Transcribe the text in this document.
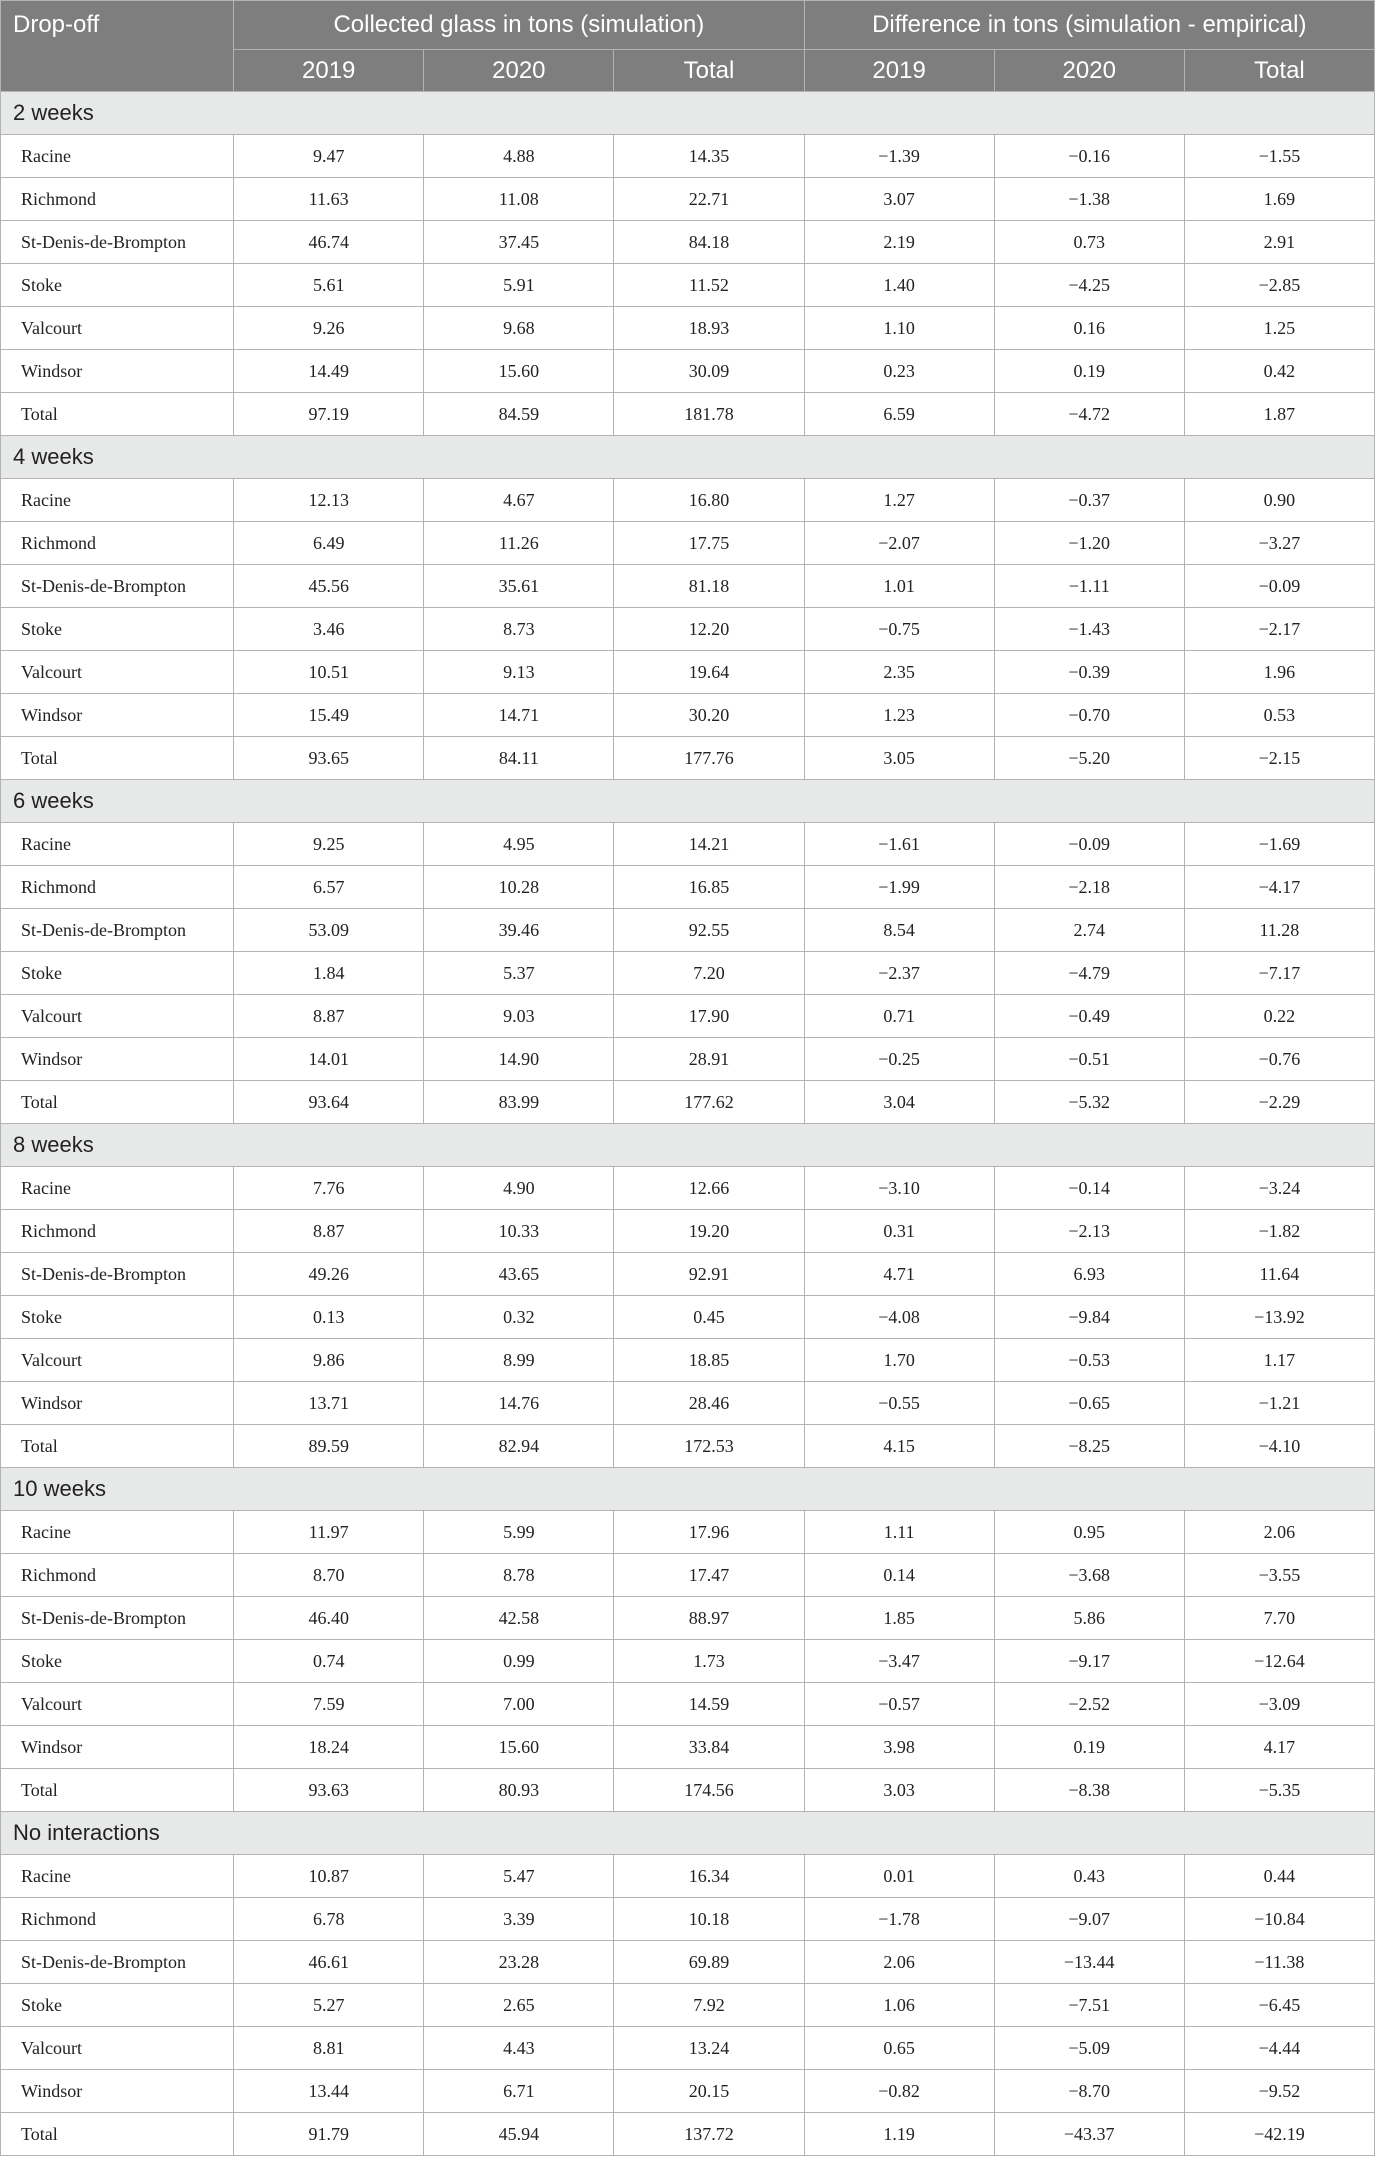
Drop-off	Collected glass in tons (simulation)			Difference in tons (simulation - empirical)		
	2019	2020	Total	2019	2020	Total
2 weeks						
Racine	9.47	4.88	14.35	−1.39	−0.16	−1.55
Richmond	11.63	11.08	22.71	3.07	−1.38	1.69
St-Denis-de-Brompton	46.74	37.45	84.18	2.19	0.73	2.91
Stoke	5.61	5.91	11.52	1.40	−4.25	−2.85
Valcourt	9.26	9.68	18.93	1.10	0.16	1.25
Windsor	14.49	15.60	30.09	0.23	0.19	0.42
Total	97.19	84.59	181.78	6.59	−4.72	1.87
4 weeks						
Racine	12.13	4.67	16.80	1.27	−0.37	0.90
Richmond	6.49	11.26	17.75	−2.07	−1.20	−3.27
St-Denis-de-Brompton	45.56	35.61	81.18	1.01	−1.11	−0.09
Stoke	3.46	8.73	12.20	−0.75	−1.43	−2.17
Valcourt	10.51	9.13	19.64	2.35	−0.39	1.96
Windsor	15.49	14.71	30.20	1.23	−0.70	0.53
Total	93.65	84.11	177.76	3.05	−5.20	−2.15
6 weeks						
Racine	9.25	4.95	14.21	−1.61	−0.09	−1.69
Richmond	6.57	10.28	16.85	−1.99	−2.18	−4.17
St-Denis-de-Brompton	53.09	39.46	92.55	8.54	2.74	11.28
Stoke	1.84	5.37	7.20	−2.37	−4.79	−7.17
Valcourt	8.87	9.03	17.90	0.71	−0.49	0.22
Windsor	14.01	14.90	28.91	−0.25	−0.51	−0.76
Total	93.64	83.99	177.62	3.04	−5.32	−2.29
8 weeks						
Racine	7.76	4.90	12.66	−3.10	−0.14	−3.24
Richmond	8.87	10.33	19.20	0.31	−2.13	−1.82
St-Denis-de-Brompton	49.26	43.65	92.91	4.71	6.93	11.64
Stoke	0.13	0.32	0.45	−4.08	−9.84	−13.92
Valcourt	9.86	8.99	18.85	1.70	−0.53	1.17
Windsor	13.71	14.76	28.46	−0.55	−0.65	−1.21
Total	89.59	82.94	172.53	4.15	−8.25	−4.10
10 weeks						
Racine	11.97	5.99	17.96	1.11	0.95	2.06
Richmond	8.70	8.78	17.47	0.14	−3.68	−3.55
St-Denis-de-Brompton	46.40	42.58	88.97	1.85	5.86	7.70
Stoke	0.74	0.99	1.73	−3.47	−9.17	−12.64
Valcourt	7.59	7.00	14.59	−0.57	−2.52	−3.09
Windsor	18.24	15.60	33.84	3.98	0.19	4.17
Total	93.63	80.93	174.56	3.03	−8.38	−5.35
No interactions						
Racine	10.87	5.47	16.34	0.01	0.43	0.44
Richmond	6.78	3.39	10.18	−1.78	−9.07	−10.84
St-Denis-de-Brompton	46.61	23.28	69.89	2.06	−13.44	−11.38
Stoke	5.27	2.65	7.92	1.06	−7.51	−6.45
Valcourt	8.81	4.43	13.24	0.65	−5.09	−4.44
Windsor	13.44	6.71	20.15	−0.82	−8.70	−9.52
Total	91.79	45.94	137.72	1.19	−43.37	−42.19
